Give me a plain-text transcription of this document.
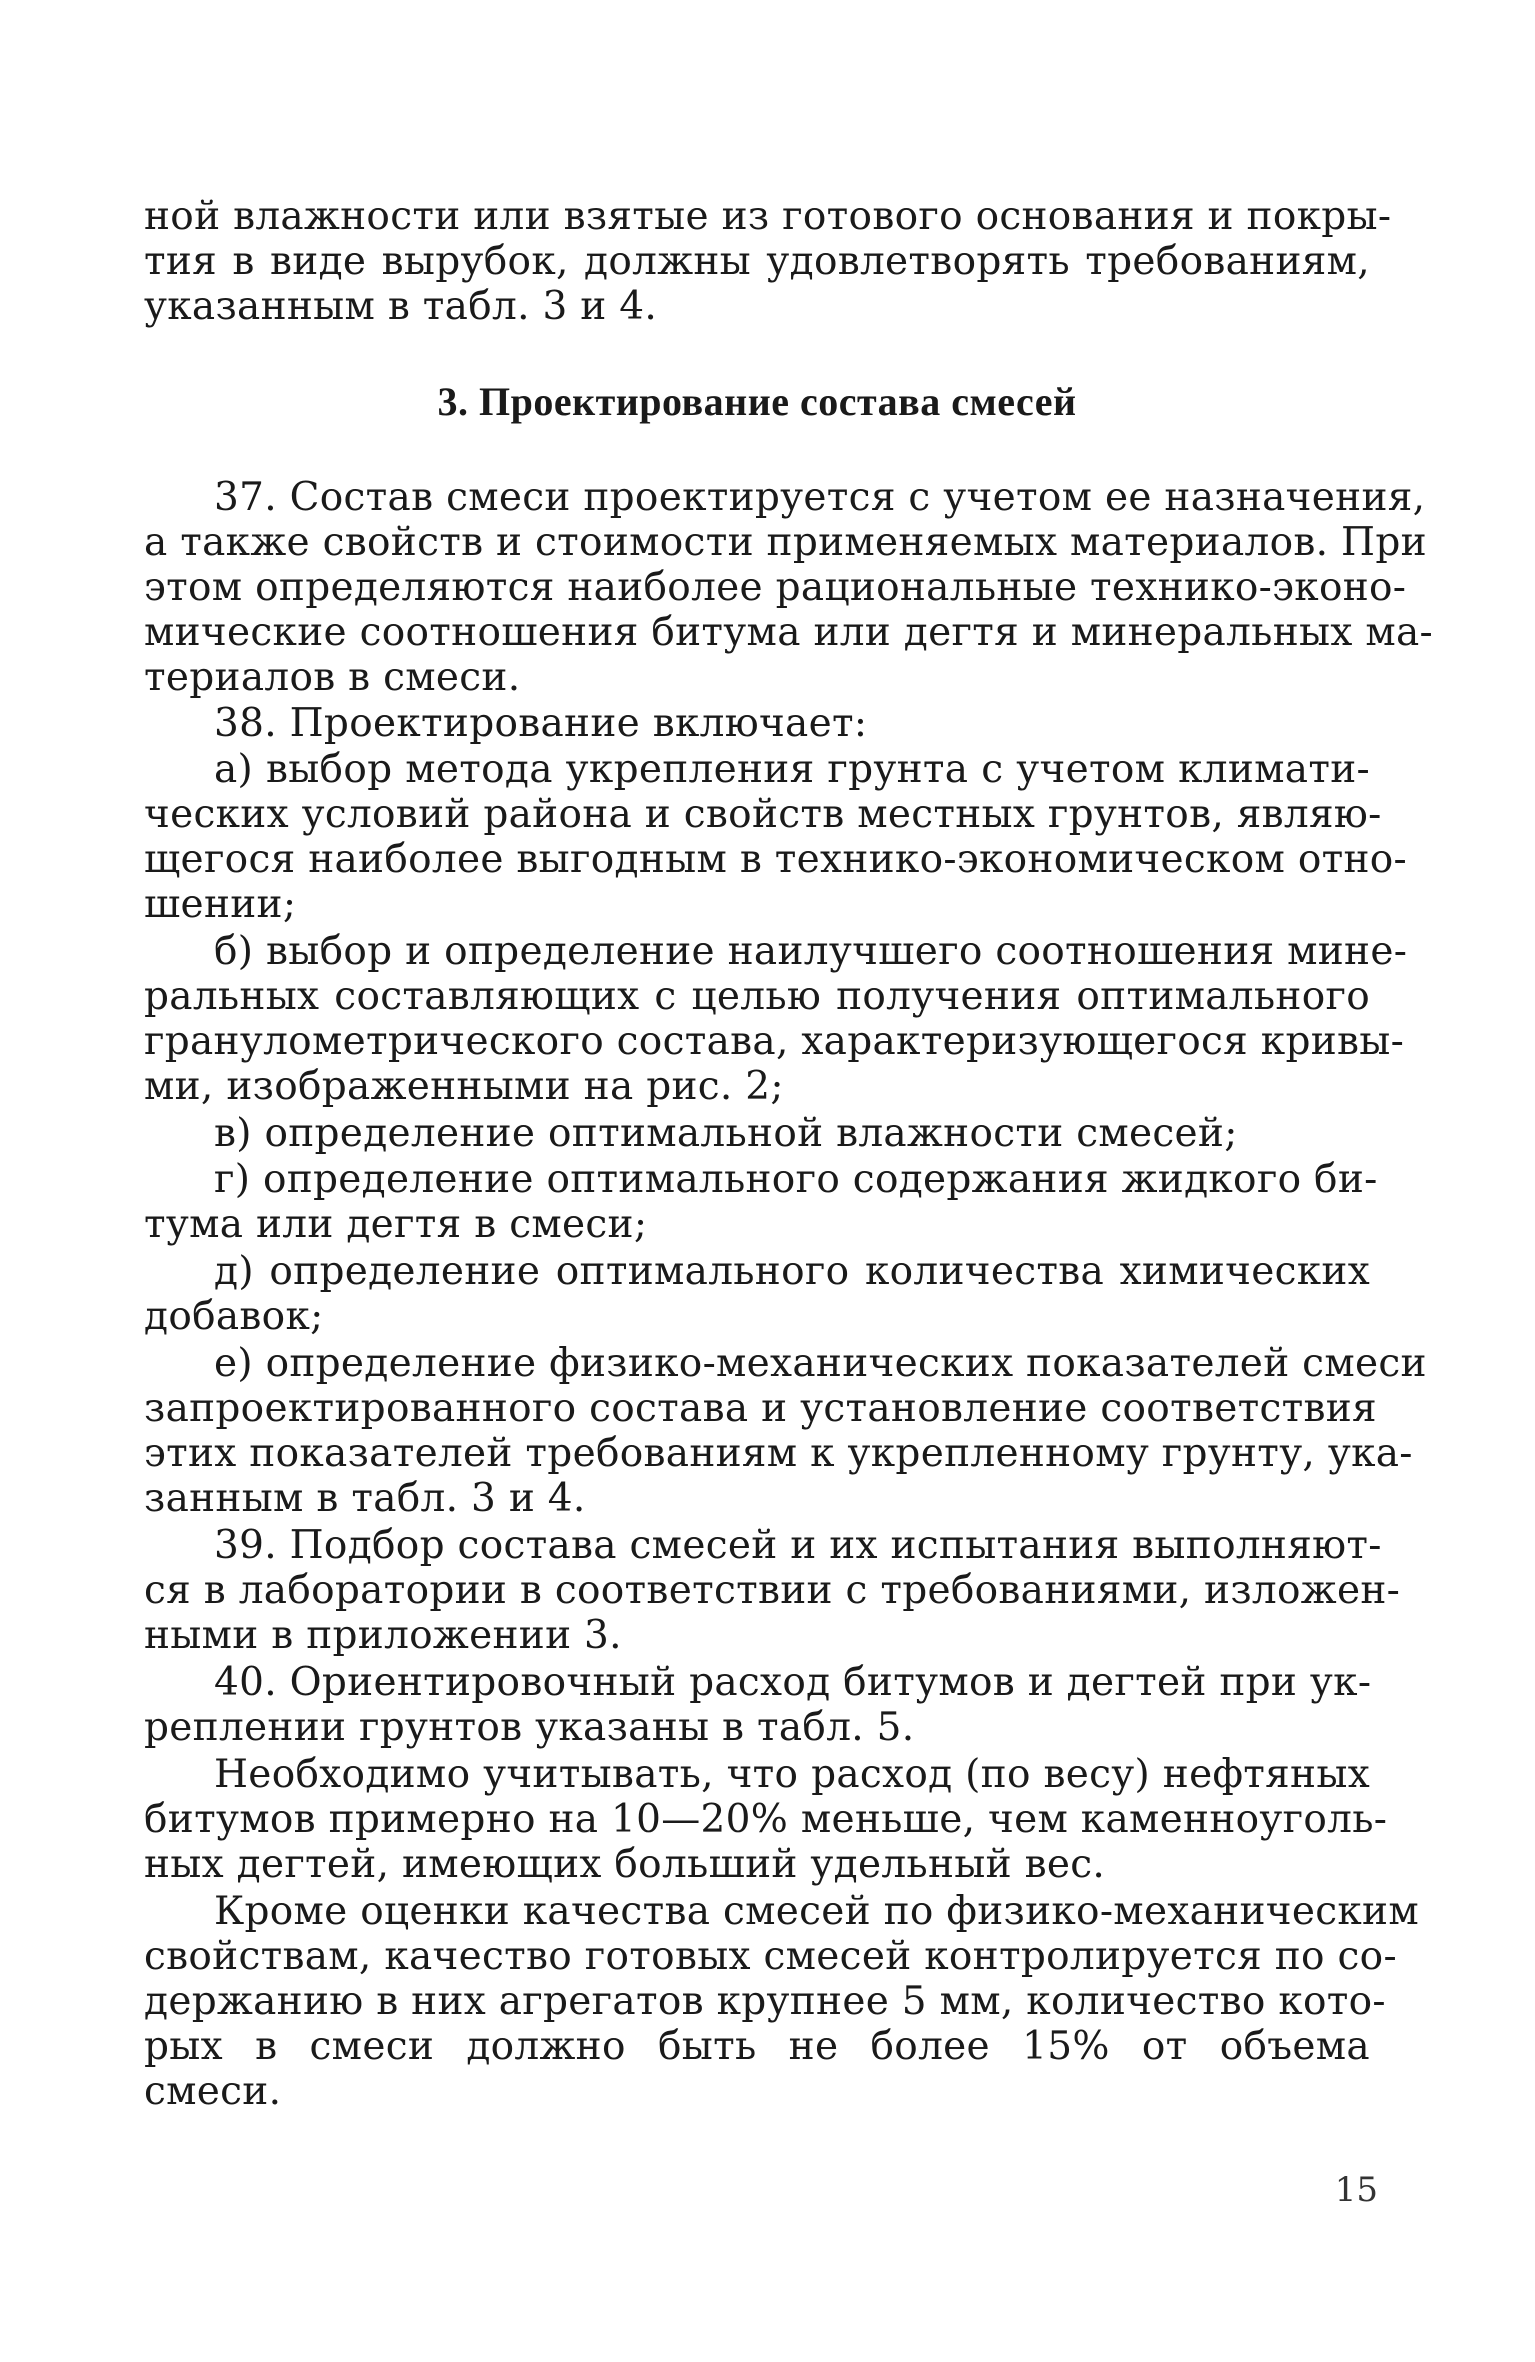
3. Проектирование состава смесей
ной влажности или взятые из готового основания и покры-
тия в виде вырубок, должны удовлетворять требованиям,
указанным в табл. 3 и 4.
37. Состав смеси проектируется с учетом ее назначения,
а также свойств и стоимости применяемых материалов. При
этом определяются наиболее рациональные технико-эконо-
мические соотношения битума или дегтя и минеральных ма-
териалов в смеси.
38. Проектирование включает:
а) выбор метода укрепления грунта с учетом климати-
ческих условий района и свойств местных грунтов, являю-
щегося наиболее выгодным в технико-экономическом отно-
шении;
б) выбор и определение наилучшего соотношения мине-
ральных составляющих с целью получения оптимального
гранулометрического состава, характеризующегося кривы-
ми, изображенными на рис. 2;
в) определение оптимальной влажности смесей;
г) определение оптимального содержания жидкого би-
тума или дегтя в смеси;
д) определение оптимального количества химических
добавок;
е) определение физико-механических показателей смеси
запроектированного состава и установление соответствия
этих показателей требованиям к укрепленному грунту, ука-
занным в табл. 3 и 4.
39. Подбор состава смесей и их испытания выполняют-
ся в лаборатории в соответствии с требованиями, изложен-
ными в приложении 3.
40. Ориентировочный расход битумов и дегтей при ук-
реплении грунтов указаны в табл. 5.
Необходимо учитывать, что расход (по весу) нефтяных
битумов примерно на 10—20% меньше, чем каменноуголь-
ных дегтей, имеющих больший удельный вес.
Кроме оценки качества смесей по физико-механическим
свойствам, качество готовых смесей контролируется по со-
держанию в них агрегатов крупнее 5 мм, количество кото-
рых в смеси должно быть не более 15% от объема
смеси.
15
